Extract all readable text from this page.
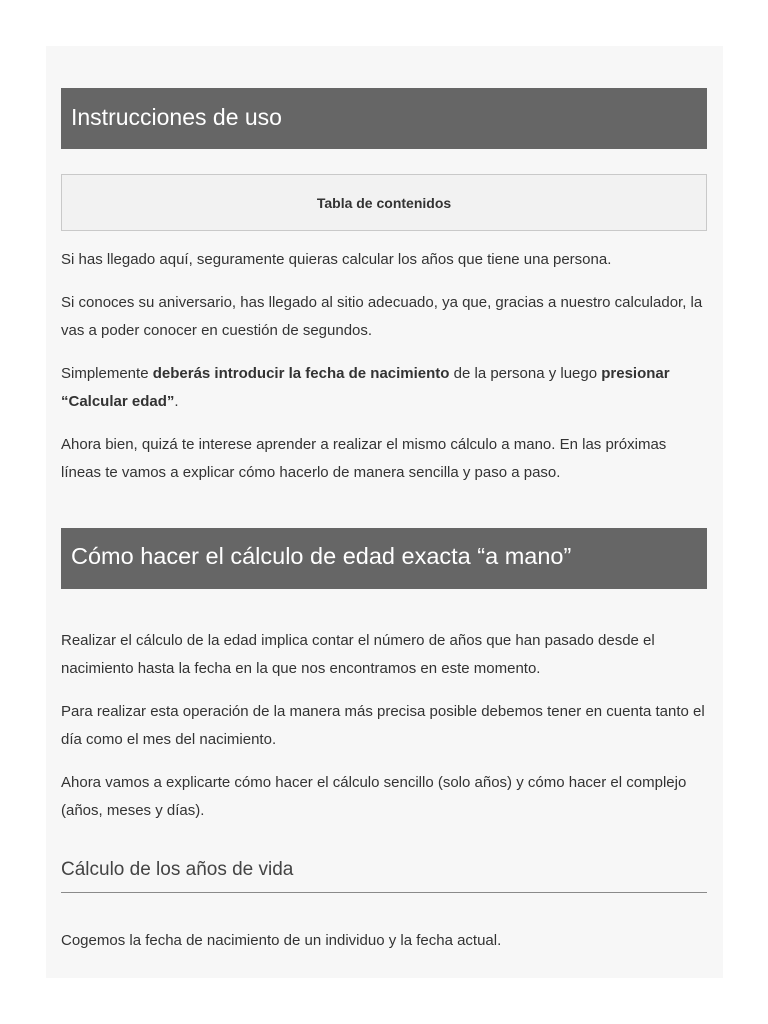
Instrucciones de uso
Tabla de contenidos

Si has llegado aquí, seguramente quieras calcular los años que tiene una persona.

Si conoces su aniversario, has llegado al sitio adecuado, ya que, gracias a nuestro calculador, la vas a poder conocer en cuestión de segundos.

Simplemente deberás introducir la fecha de nacimiento de la persona y luego presionar “Calcular edad”.

Ahora bien, quizá te interese aprender a realizar el mismo cálculo a mano. En las próximas líneas te vamos a explicar cómo hacerlo de manera sencilla y paso a paso.

Cómo hacer el cálculo de edad exacta “a mano”

Realizar el cálculo de la edad implica contar el número de años que han pasado desde el nacimiento hasta la fecha en la que nos encontramos en este momento.

Para realizar esta operación de la manera más precisa posible debemos tener en cuenta tanto el día como el mes del nacimiento.

Ahora vamos a explicarte cómo hacer el cálculo sencillo (solo años) y cómo hacer el complejo (años, meses y días).

Cálculo de los años de vida

Cogemos la fecha de nacimiento de un individuo y la fecha actual.
